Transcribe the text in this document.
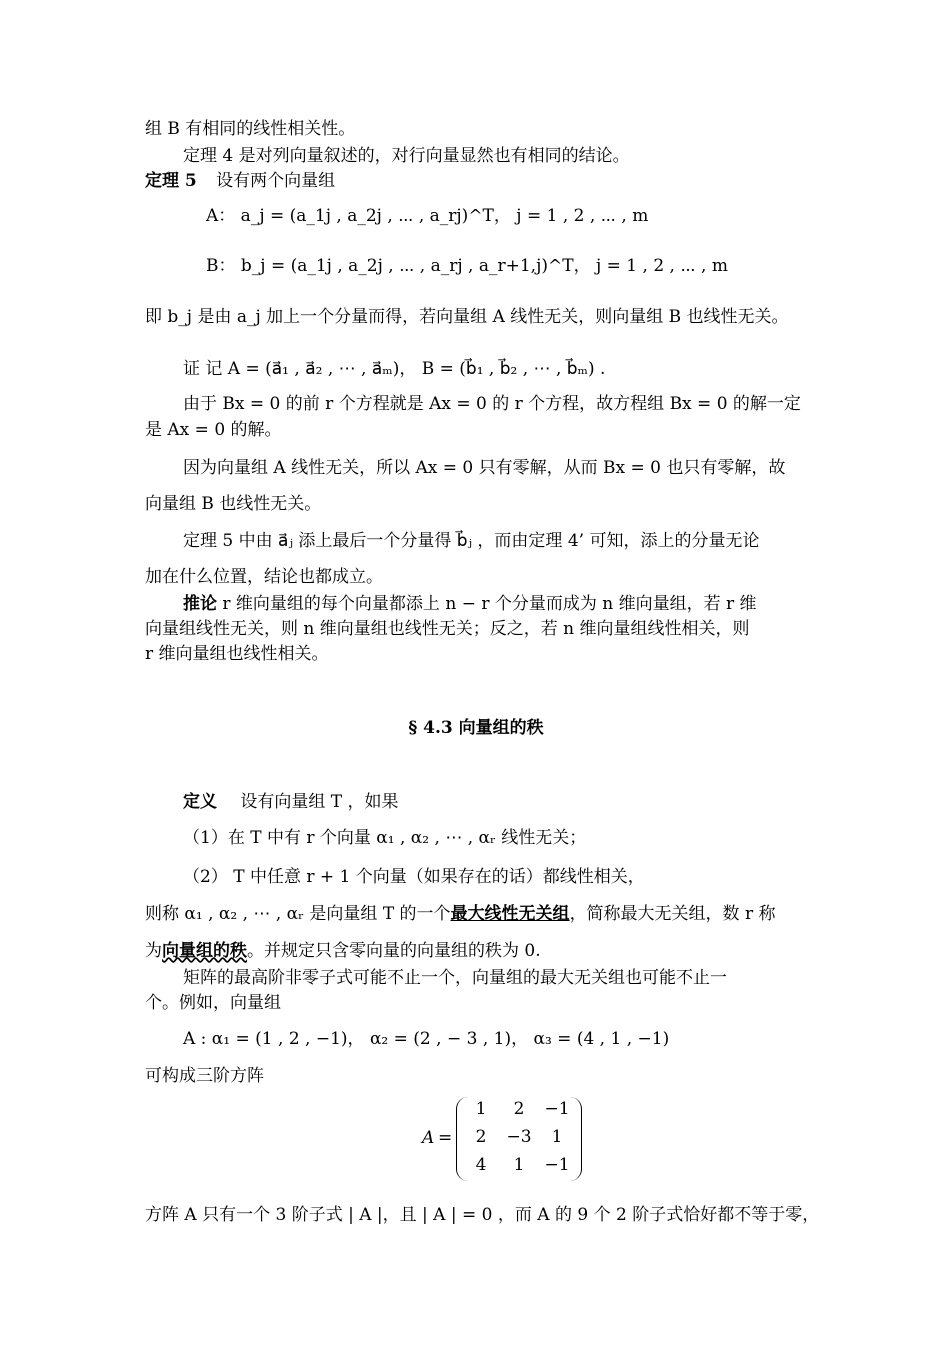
组 B 有相同的线性相关性。
定理 4 是对列向量叙述的，对行向量显然也有相同的结论。
定理 5 设有两个向量组
A： a_j = (a_1j , a_2j , ⋯ , a_rj)^T， j = 1 , 2 , ⋯ , m
B： b_j = (a_1j , a_2j , ⋯ , a_rj , a_r+1,j)^T， j = 1 , 2 , ⋯ , m
即 b_j 是由 a_j 加上一个分量而得，若向量组 A 线性无关，则向量组 B 也线性无关。
证 记 A = (a⃗₁ , a⃗₂ , ⋯ , a⃗ₘ)， B = (b⃗₁ , b⃗₂ , ⋯ , b⃗ₘ) .
由于 Bx = 0 的前 r 个方程就是 Ax = 0 的 r 个方程，故方程组 Bx = 0 的解一定
是 Ax = 0 的解。
因为向量组 A 线性无关，所以 Ax = 0 只有零解，从而 Bx = 0 也只有零解，故
向量组 B 也线性无关。
定理 5 中由 a⃗ⱼ 添上最后一个分量得 b⃗ⱼ ，而由定理 4’ 可知，添上的分量无论
加在什么位置，结论也都成立。
推论 r 维向量组的每个向量都添上 n − r 个分量而成为 n 维向量组，若 r 维
向量组线性无关，则 n 维向量组也线性无关；反之，若 n 维向量组线性相关，则
r 维向量组也线性相关。
§ 4.3 向量组的秩
定义 设有向量组 T ，如果
（1）在 T 中有 r 个向量 α₁ , α₂ , ⋯ , αᵣ 线性无关；
（2） T 中任意 r + 1 个向量（如果存在的话）都线性相关，
则称 α₁ , α₂ , ⋯ , αᵣ 是向量组 T 的一个最大线性无关组，简称最大无关组，数 r 称
为向量组的秩。并规定只含零向量的向量组的秩为 0.
矩阵的最高阶非零子式可能不止一个，向量组的最大无关组也可能不止一
个。例如，向量组
A : α₁ = (1 , 2 , −1)， α₂ = (2 , − 3 , 1)， α₃ = (4 , 1 , −1)
可构成三阶方阵
A =
1	2	−1
2	−3	1
4	1	−1
方阵 A 只有一个 3 阶子式 | A |，且 | A | = 0 ，而 A 的 9 个 2 阶子式恰好都不等于零，
